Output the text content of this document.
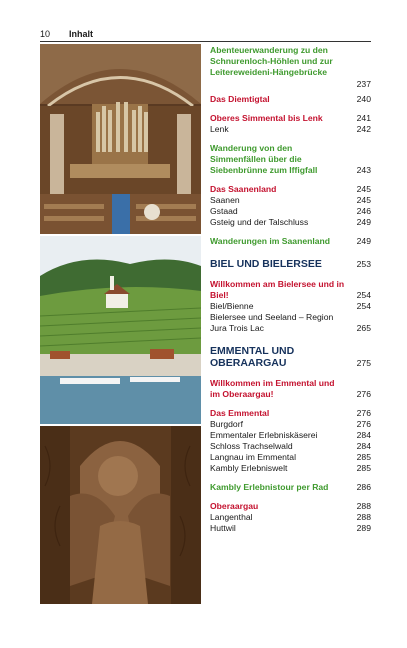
10 Inhalt
Abenteuerwanderung zu den Schnurenloch-Höhlen und zur Leitereweideni-Hängebrücke
237
Das Diemtigtal	240
Oberes Simmental bis Lenk	241
Lenk	242
Wanderung von den Simmenfällen über die Siebenbrünne zum Iffigfall	243
Das Saanenland	245
Saanen	245
Gstaad	246
Gsteig und der Talschluss	249
Wanderungen im Saanenland	249
BIEL UND BIELERSEE	253
Willkommen am Bielersee und in Biel!	254
Biel/Bienne	254
Bielersee und Seeland – Region Jura Trois Lac	265
EMMENTAL UND OBERAARGAU	275
Willkommen im Emmental und im Oberaargau!	276
Das Emmental	276
Burgdorf	276
Emmentaler Erlebniskäserei	284
Schloss Trachselwald	284
Langnau im Emmental	285
Kambly Erlebniswelt	285
Kambly Erlebnistour per Rad	286
Oberaargau	288
Langenthal	288
Huttwil	289
